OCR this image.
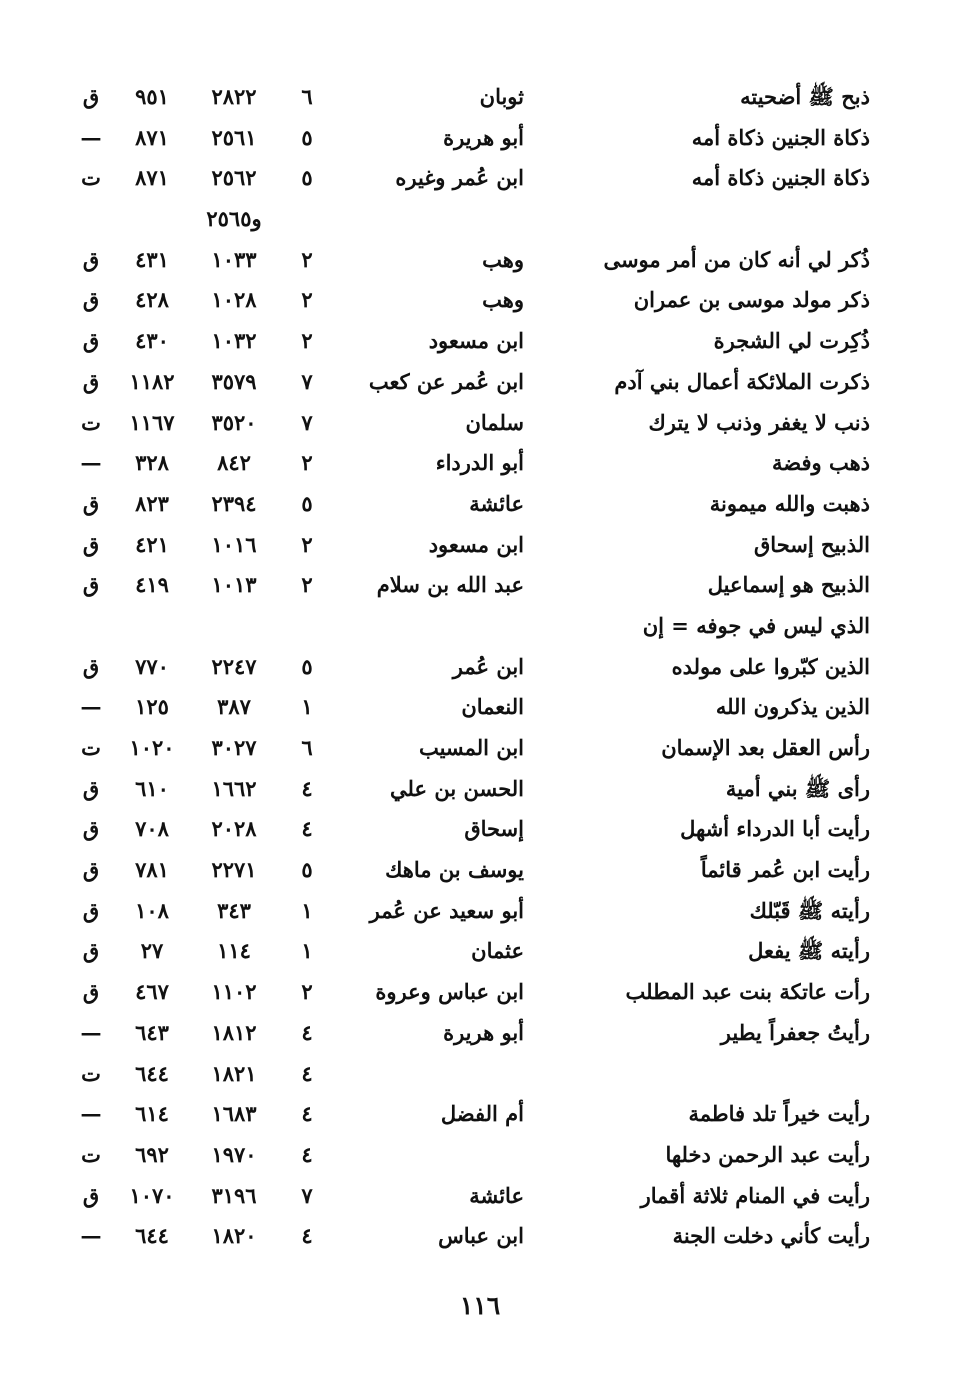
ذبح ﷺ أضحيته
ثوبان
٦
٢٨٢٢
٩٥١
ق
ذكاة الجنين ذكاة أمه
أبو هريرة
٥
٢٥٦١
٨٧١
—
ذكاة الجنين ذكاة أمه
ابن عُمر وغيره
٥
٢٥٦٢
٨٧١
ت
و٢٥٦٥
ذُكر لي أنه كان من أمر موسى
وهب
٢
١٠٣٣
٤٣١
ق
ذكر مولد موسى بن عمران
وهب
٢
١٠٢٨
٤٢٨
ق
ذُكِرت لي الشجرة
ابن مسعود
٢
١٠٣٢
٤٣٠
ق
ذكرت الملائكة أعمال بني آدم
ابن عُمر عن كعب
٧
٣٥٧٩
١١٨٢
ق
ذنب لا يغفر وذنب لا يترك
سلمان
٧
٣٥٢٠
١١٦٧
ت
ذهب وفضة
أبو الدرداء
٢
٨٤٢
٣٢٨
—
ذهبت والله ميمونة
عائشة
٥
٢٣٩٤
٨٢٣
ق
الذبيح إسحاق
ابن مسعود
٢
١٠١٦
٤٢١
ق
الذبيح هو إسماعيل
عبد الله بن سلام
٢
١٠١٣
٤١٩
ق
الذي ليس في جوفه = إن
الذين كبّروا على مولده
ابن عُمر
٥
٢٢٤٧
٧٧٠
ق
الذين يذكرون الله
النعمان
١
٣٨٧
١٢٥
—
رأس العقل بعد الإسمان
ابن المسيب
٦
٣٠٢٧
١٠٢٠
ت
رأى ﷺ بني أمية
الحسن بن علي
٤
١٦٦٢
٦١٠
ق
رأيت أبا الدرداء أشهل
إسحاق
٤
٢٠٢٨
٧٠٨
ق
رأيت ابن عُمر قائماً
يوسف بن ماهك
٥
٢٢٧١
٧٨١
ق
رأيته ﷺ قَبّلك
أبو سعيد عن عُمر
١
٣٤٣
١٠٨
ق
رأيته ﷺ يفعل
عثمان
١
١١٤
٢٧
ق
رأت عاتكة بنت عبد المطلب
ابن عباس وعروة
٢
١١٠٢
٤٦٧
ق
رأيتُ جعفراً يطير
أبو هريرة
٤
١٨١٢
٦٤٣
—
٤
١٨٢١
٦٤٤
ت
رأيت خيراً تلد فاطمة
أم الفضل
٤
١٦٨٣
٦١٤
—
رأيت عبد الرحمن دخلها
٤
١٩٧٠
٦٩٢
ت
رأيت في المنام ثلاثة أقمار
عائشة
٧
٣١٩٦
١٠٧٠
ق
رأيت كأني دخلت الجنة
ابن عباس
٤
١٨٢٠
٦٤٤
—
١١٦
